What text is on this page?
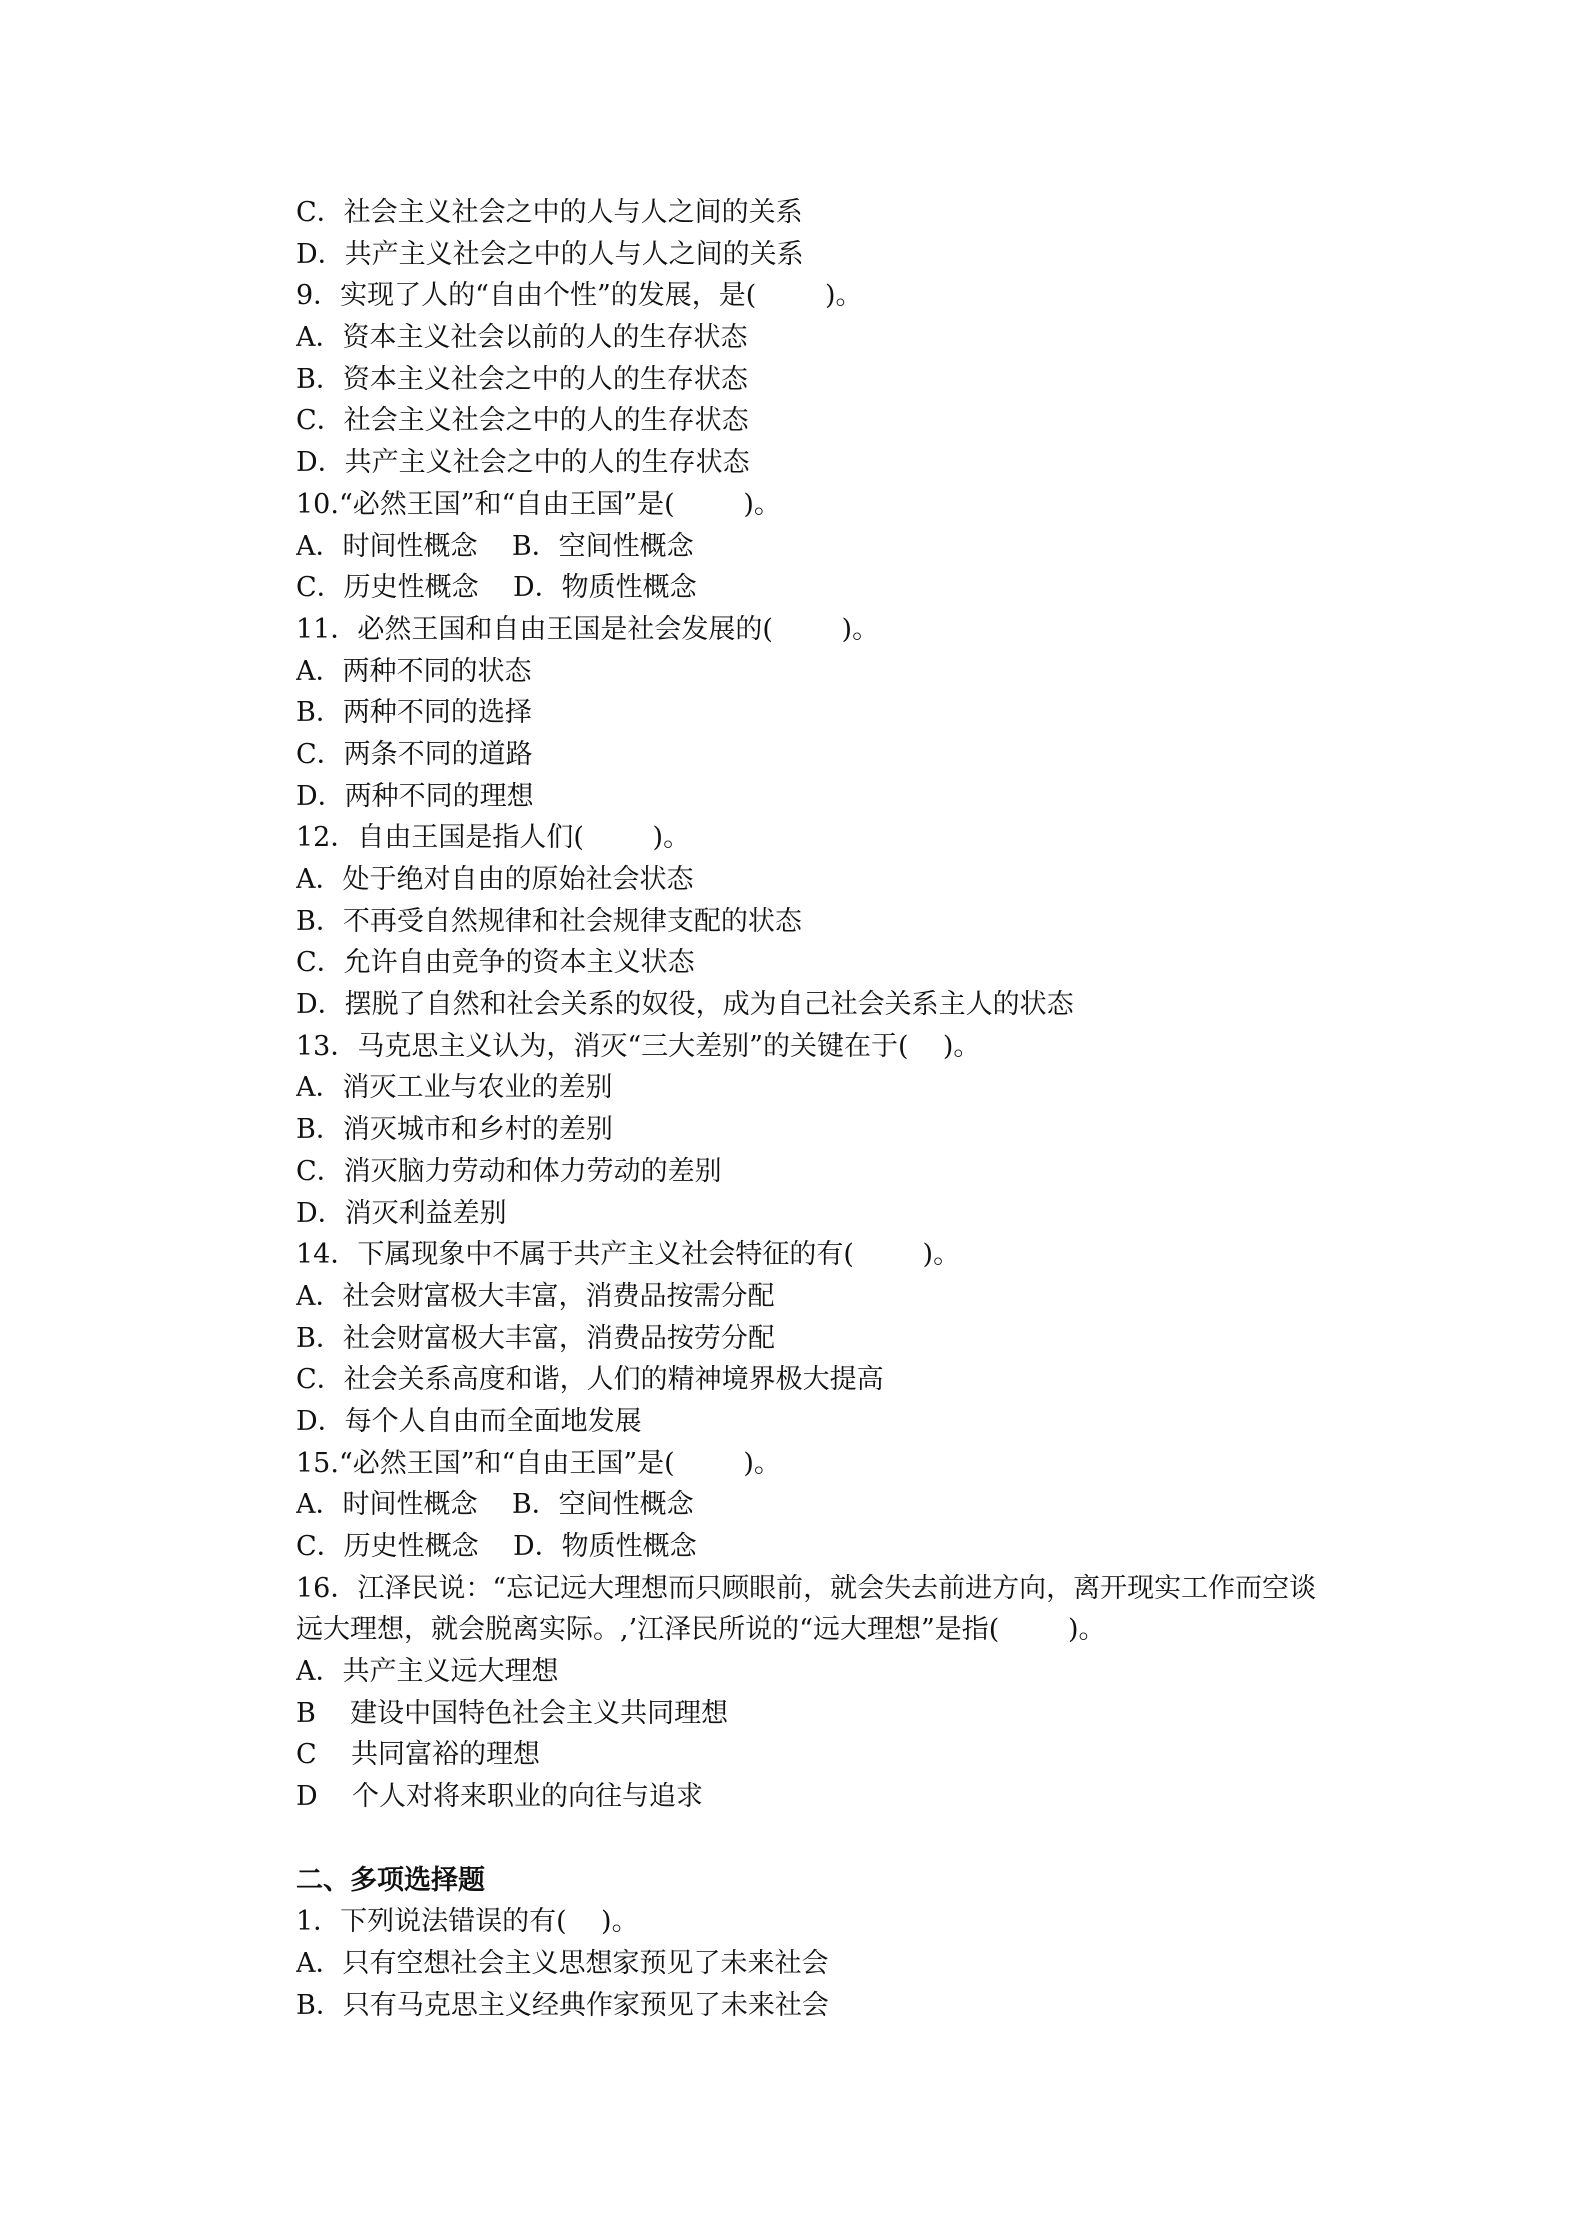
C．社会主义社会之中的人与人之间的关系
D．共产主义社会之中的人与人之间的关系
9．实现了人的“自由个性”的发展，是(        )。
A．资本主义社会以前的人的生存状态
B．资本主义社会之中的人的生存状态
C．社会主义社会之中的人的生存状态
D．共产主义社会之中的人的生存状态
10.“必然王国”和“自由王国”是(        )。
A．时间性概念    B．空间性概念
C．历史性概念    D．物质性概念
11．必然王国和自由王国是社会发展的(        )。
A．两种不同的状态
B．两种不同的选择
C．两条不同的道路
D．两种不同的理想
12．自由王国是指人们(        )。
A．处于绝对自由的原始社会状态
B．不再受自然规律和社会规律支配的状态
C．允许自由竞争的资本主义状态
D．摆脱了自然和社会关系的奴役，成为自己社会关系主人的状态
13．马克思主义认为，消灭“三大差别”的关键在于(    )。
A．消灭工业与农业的差别
B．消灭城市和乡村的差别
C．消灭脑力劳动和体力劳动的差别
D．消灭利益差别
14．下属现象中不属于共产主义社会特征的有(        )。
A．社会财富极大丰富，消费品按需分配
B．社会财富极大丰富，消费品按劳分配
C．社会关系高度和谐，人们的精神境界极大提高
D．每个人自由而全面地发展
15.“必然王国”和“自由王国”是(        )。
A．时间性概念    B．空间性概念
C．历史性概念    D．物质性概念
16．江泽民说：“忘记远大理想而只顾眼前，就会失去前进方向，离开现实工作而空谈
远大理想，就会脱离实际。,’江泽民所说的“远大理想”是指(        )。
A．共产主义远大理想
B    建设中国特色社会主义共同理想
C    共同富裕的理想
D    个人对将来职业的向往与追求
二、多项选择题
1．下列说法错误的有(    )。
A．只有空想社会主义思想家预见了未来社会
B．只有马克思主义经典作家预见了未来社会
